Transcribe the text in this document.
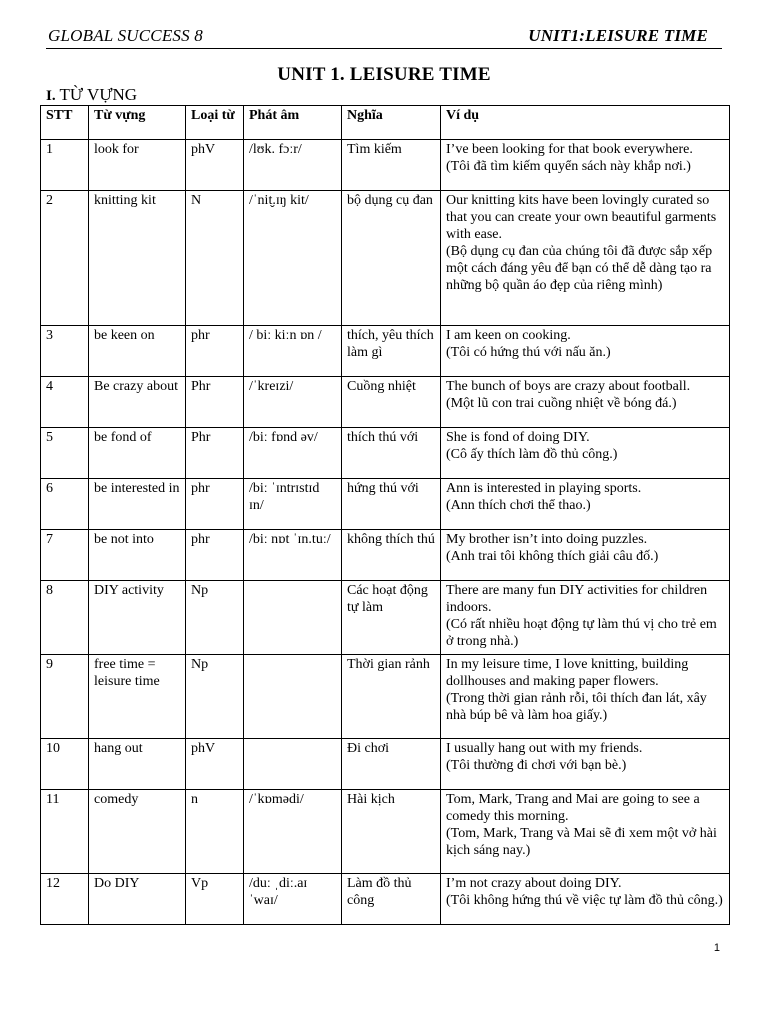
GLOBAL SUCCESS 8	UNIT1:LEISURE TIME
UNIT 1. LEISURE TIME
I. TỪ VỰNG
STT	Từ vựng	Loại từ	Phát âm	Nghĩa	Ví dụ
1	look for	phV	/lʊk. fɔːr/	Tìm kiếm	I’ve been looking for that book everywhere.
(Tôi đã tìm kiếm quyển sách này khắp nơi.)

2	knitting kit	N	/ˈnit̬.ɪŋ kit/	bộ dụng cụ đan	Our knitting kits have been lovingly curated so that you can create your own beautiful garments with ease.
(Bộ dụng cụ đan của chúng tôi đã được sắp xếp một cách đáng yêu để bạn có thể dễ dàng tạo ra những bộ quần áo đẹp của riêng mình)

3	be keen on	phr	/ biː kiːn ɒn /	thích, yêu thích làm gì	I am keen on cooking.
(Tôi có hứng thú với nấu ăn.)

4	Be crazy about	Phr	/ˈkreɪzi/	Cuồng nhiệt	The bunch of boys are crazy about football.
(Một lũ con trai cuồng nhiệt về bóng đá.)

5	be fond of	Phr	/biː fɒnd əv/	thích thú với	She is fond of doing DIY.
(Cô ấy thích làm đồ thủ công.)

6	be interested in	phr	/biː ˈɪntrɪstɪd ɪn/	hứng thú với	Ann is interested in playing sports.
(Ann thích chơi thể thao.)

7	be not into	phr	/biː nɒt ˈɪn.tuː/	không thích thú	My brother isn’t into doing puzzles.
(Anh trai tôi không thích giải câu đố.)

8	DIY activity	Np		Các hoạt động tự làm	There are many fun DIY activities for children indoors.
(Có rất nhiều hoạt động tự làm thú vị cho trẻ em ở trong nhà.)

9	free time = leisure time	Np		Thời gian rảnh	In my leisure time, I love knitting, building dollhouses and making paper flowers.
(Trong thời gian rảnh rỗi, tôi thích đan lát, xây nhà búp bê và làm hoa giấy.)

10	hang out	phV		Đi chơi	I usually hang out with my friends.
(Tôi thường đi chơi với bạn bè.)

11	comedy	n	/ˈkɒmədi/	Hài kịch	Tom, Mark, Trang and Mai are going to see a comedy this morning.
(Tom, Mark, Trang và Mai sẽ đi xem một vở hài kịch sáng nay.)

12	Do DIY	Vp	/duː ˌdiː.aɪ ˈwaɪ/	Làm đồ thủ công	I’m not crazy about doing DIY.
(Tôi không hứng thú về việc tự làm đồ thủ công.)
1
